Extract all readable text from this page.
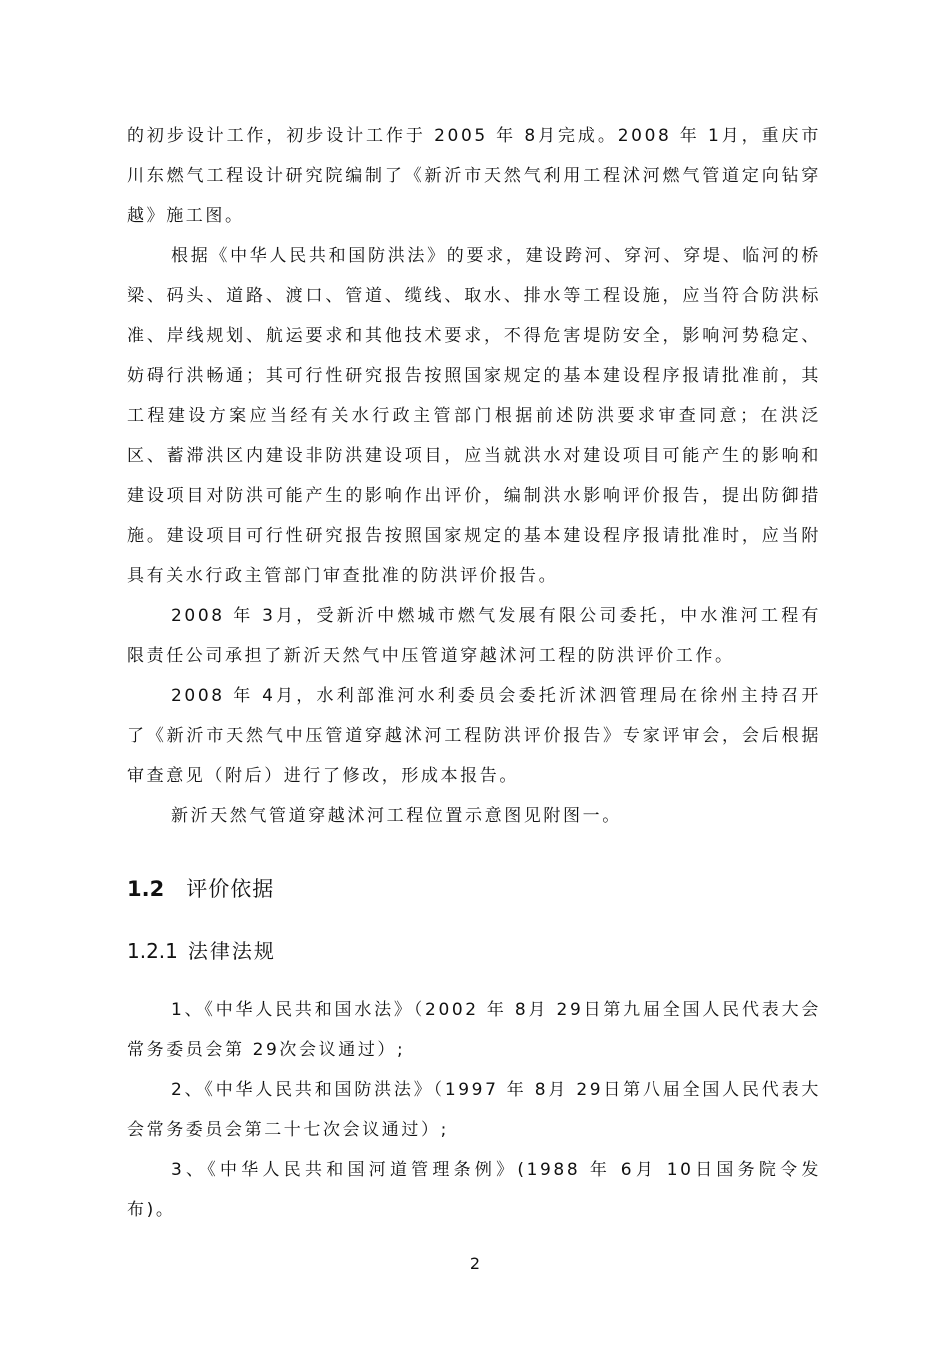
的初步设计工作，初步设计工作于 2005 年 8月完成。2008 年 1月，重庆市川东燃气工程设计研究院编制了《新沂市天然气利用工程沭河燃气管道定向钻穿越》施工图。

根据《中华人民共和国防洪法》的要求，建设跨河、穿河、穿堤、临河的桥梁、码头、道路、渡口、管道、缆线、取水、排水等工程设施，应当符合防洪标准、岸线规划、航运要求和其他技术要求，不得危害堤防安全，影响河势稳定、妨碍行洪畅通；其可行性研究报告按照国家规定的基本建设程序报请批准前，其工程建设方案应当经有关水行政主管部门根据前述防洪要求审查同意；在洪泛区、蓄滞洪区内建设非防洪建设项目，应当就洪水对建设项目可能产生的影响和建设项目对防洪可能产生的影响作出评价，编制洪水影响评价报告，提出防御措施。建设项目可行性研究报告按照国家规定的基本建设程序报请批准时，应当附具有关水行政主管部门审查批准的防洪评价报告。

2008 年 3月，受新沂中燃城市燃气发展有限公司委托，中水淮河工程有限责任公司承担了新沂天然气中压管道穿越沭河工程的防洪评价工作。

2008 年 4月，水利部淮河水利委员会委托沂沭泗管理局在徐州主持召开了《新沂市天然气中压管道穿越沭河工程防洪评价报告》专家评审会，会后根据审查意见（附后）进行了修改，形成本报告。

新沂天然气管道穿越沭河工程位置示意图见附图一。

1.2 评价依据
1.2.1 法律法规

1、《中华人民共和国水法》（2002 年 8月 29日第九届全国人民代表大会常务委员会第 29次会议通过）;

2、《中华人民共和国防洪法》（1997 年 8月 29日第八届全国人民代表大会常务委员会第二十七次会议通过）;

3、《中华人民共和国河道管理条例》(1988 年 6月 10日国务院令发布)。

2
